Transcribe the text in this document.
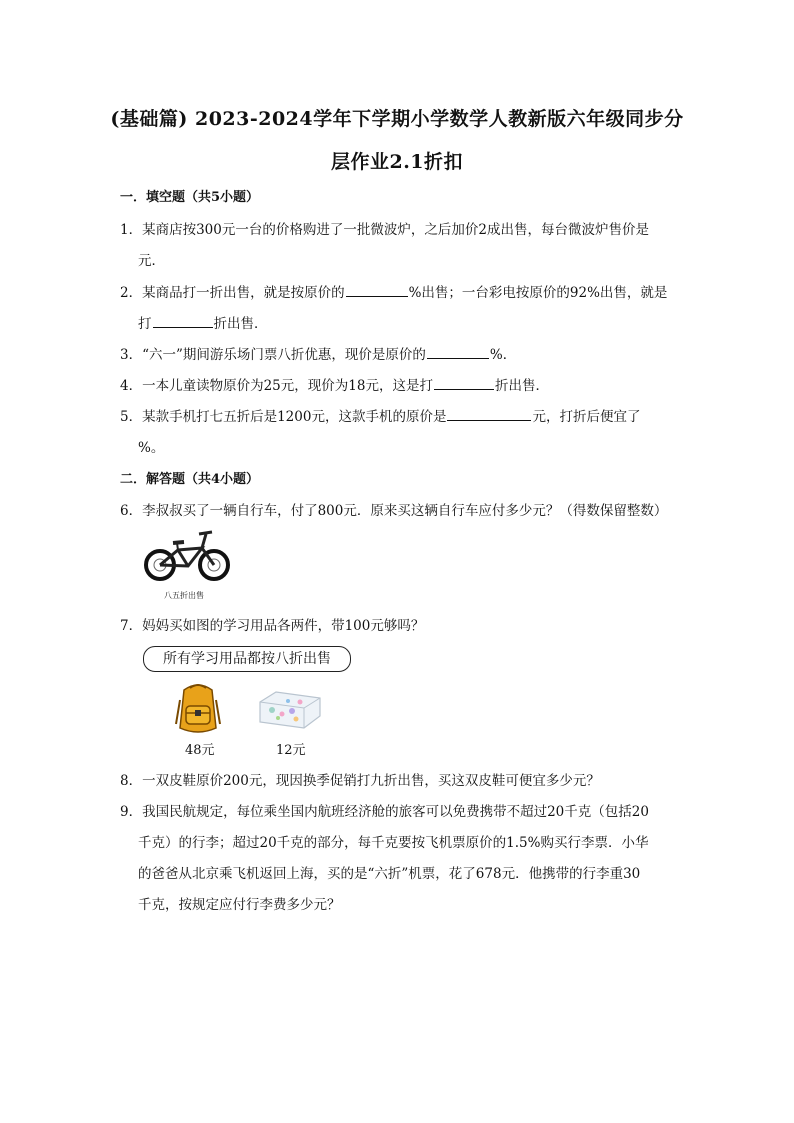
(基础篇) 2023-2024学年下学期小学数学人教新版六年级同步分
层作业2.1折扣
一．填空题（共5小题）
1．某商店按300元一台的价格购进了一批微波炉，之后加价2成出售，每台微波炉售价是
元．
2．某商品打一折出售，就是按原价的	%出售；一台彩电按原价的92%出售，就是
打	折出售．
3．“六一”期间游乐场门票八折优惠，现价是原价的	%．
4．一本儿童读物原价为25元，现价为18元，这是打	折出售．
5．某款手机打七五折后是1200元，这款手机的原价是	元，打折后便宜了
%。
二．解答题（共4小题）
6．李叔叔买了一辆自行车，付了800元．原来买这辆自行车应付多少元？（得数保留整数）
八五折出售
7．妈妈买如图的学习用品各两件，带100元够吗？
所有学习用品都按八折出售
48元	12元
8．一双皮鞋原价200元，现因换季促销打九折出售，买这双皮鞋可便宜多少元？
9．我国民航规定，每位乘坐国内航班经济舱的旅客可以免费携带不超过20千克（包括20
千克）的行李；超过20千克的部分，每千克要按飞机票原价的1.5%购买行李票．小华
的爸爸从北京乘飞机返回上海，买的是“六折”机票，花了678元．他携带的行李重30
千克，按规定应付行李费多少元？
